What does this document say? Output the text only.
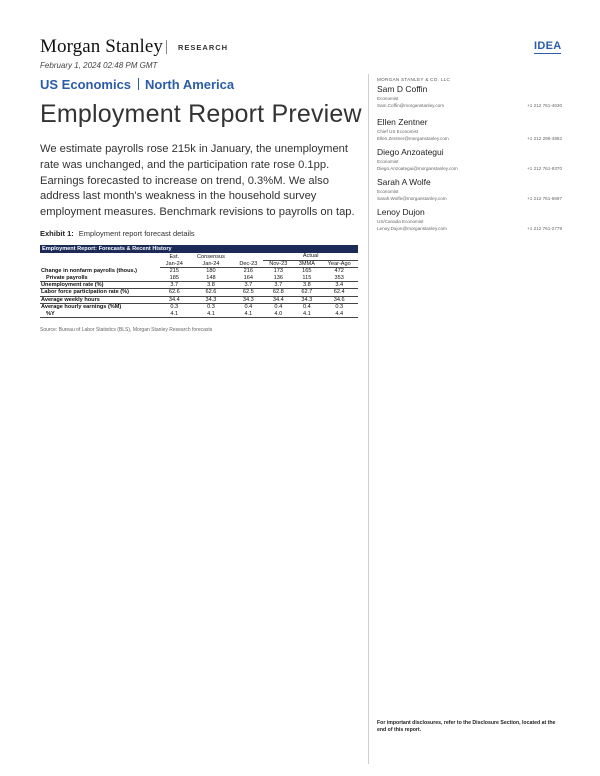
Morgan Stanley RESEARCH	IDEA
February 1, 2024 02:48 PM GMT
US Economics North America
Employment Report Preview
We estimate payrolls rose 215k in January, the unemployment rate was unchanged, and the participation rate rose 0.1pp. Earnings forecasted to increase on trend, 0.3%M. We also address last month's weakness in the household survey employment measures. Benchmark revisions to payrolls on tap.
Exhibit 1: Employment report forecast details
Employment Report: Forecasts & Recent History						
	Est.	Consensus		Actual		
	Jan-24	Jan-24	Dec-23	Nov-23	3MMA	Year-Ago
Change in nonfarm payrolls (thous.)	215	180	216	173	165	472
Private payrolls	185	148	164	136	115	353
Unemployment rate (%)	3.7	3.8	3.7	3.7	3.8	3.4
Labor force participation rate (%)	62.6	62.6	62.5	62.8	62.7	62.4
Average weekly hours	34.4	34.3	34.3	34.4	34.3	34.6
Average hourly earnings (%M)	0.3	0.3	0.4	0.4	0.4	0.3
%Y	4.1	4.1	4.1	4.0	4.1	4.4
Source: Bureau of Labor Statistics (BLS), Morgan Stanley Research forecasts
MORGAN STANLEY & CO. LLC
Sam D Coffin
Economist
Sam.Coffin@morganstanley.com	+1 212 761-4630
Ellen Zentner
Chief US Economist
Ellen.Zentner@morganstanley.com	+1 212 296-4882
Diego Anzoategui
Economist
Diego.Anzoategui@morganstanley.com	+1 212 761-9370
Sarah A Wolfe
Economist
Sarah.Wolfe@morganstanley.com	+1 212 761-6697
Lenoy Dujon
US/Canada Economist
Lenoy.Dujon@morganstanley.com	+1 212 761-2779
For important disclosures, refer to the Disclosure Section, located at the end of this report.
